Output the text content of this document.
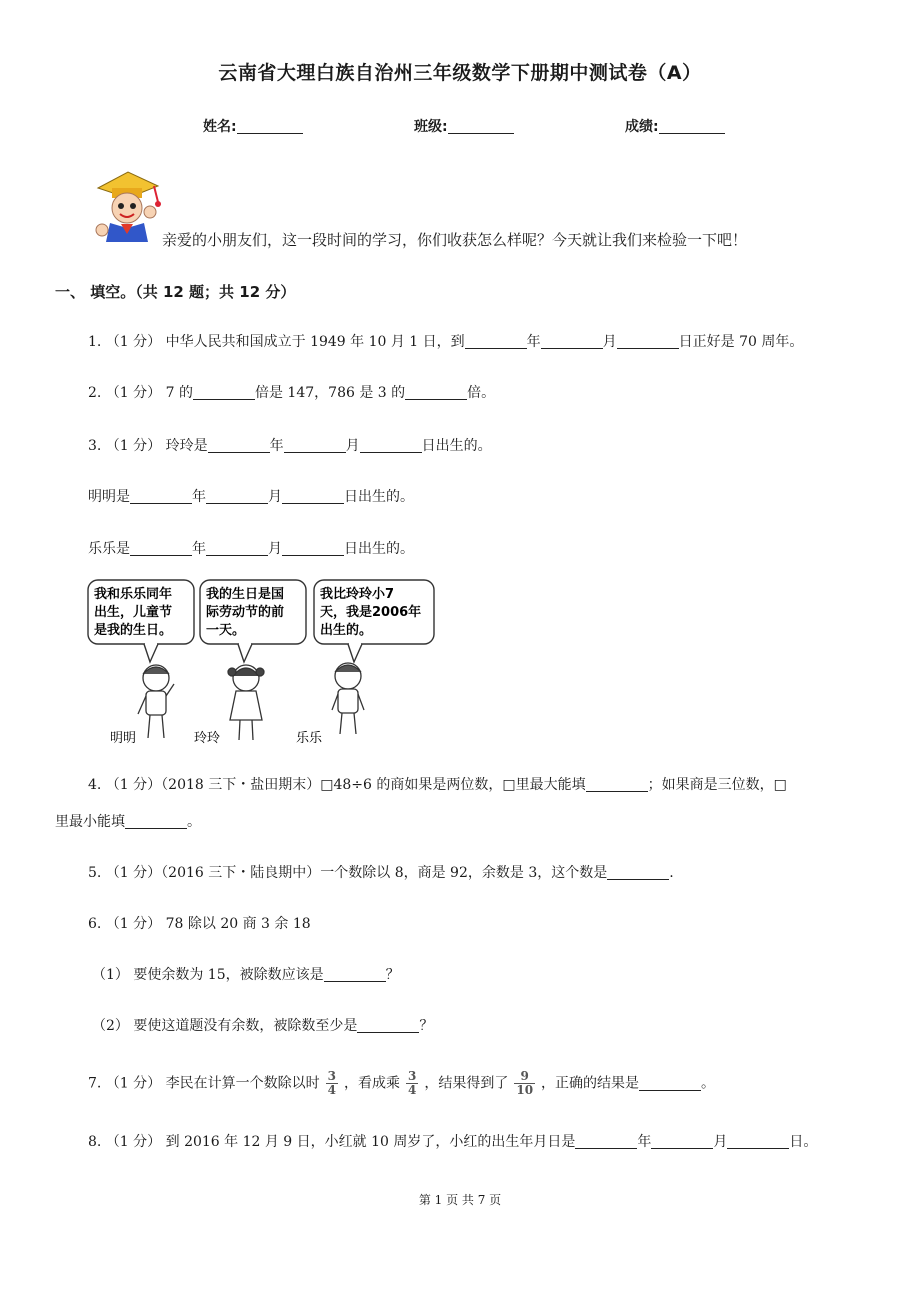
云南省大理白族自治州三年级数学下册期中测试卷（A）
姓名:	班级:	成绩:
亲爱的小朋友们，这一段时间的学习，你们收获怎么样呢？今天就让我们来检验一下吧！
一、 填空。（共 12 题；共 12 分）
1. （1 分） 中华人民共和国成立于 1949 年 10 月 1 日，到	年	月	日正好是 70 周年。
2. （1 分） 7 的	倍是 147，786 是 3 的	倍。
3. （1 分） 玲玲是	年	月	日出生的。
明明是	年	月	日出生的。
乐乐是	年	月	日出生的。
我和乐乐同年
出生，儿童节
是我的生日。
我的生日是国
际劳动节的前
一天。
我比玲玲小7
天，我是2006年
出生的。
明明	玲玲	乐乐
4. （1 分）（2018 三下・盐田期末）□48÷6 的商如果是两位数，□里最大能填	；如果商是三位数，□
里最小能填	。
5. （1 分）（2016 三下・陆良期中）一个数除以 8，商是 92，余数是 3，这个数是	.
6. （1 分） 78 除以 20 商 3 余 18
（1） 要使余数为 15，被除数应该是	？
（2） 要使这道题没有余数，被除数至少是	？
7. （1 分） 李民在计算一个数除以时 $\frac{3}{4}$ ，看成乘 $\frac{3}{4}$ ，结果得到了 $\frac{9}{10}$ ，正确的结果是	。
8. （1 分） 到 2016 年 12 月 9 日，小红就 10 周岁了，小红的出生年月日是	年	月	日。
第 1 页 共 7 页
